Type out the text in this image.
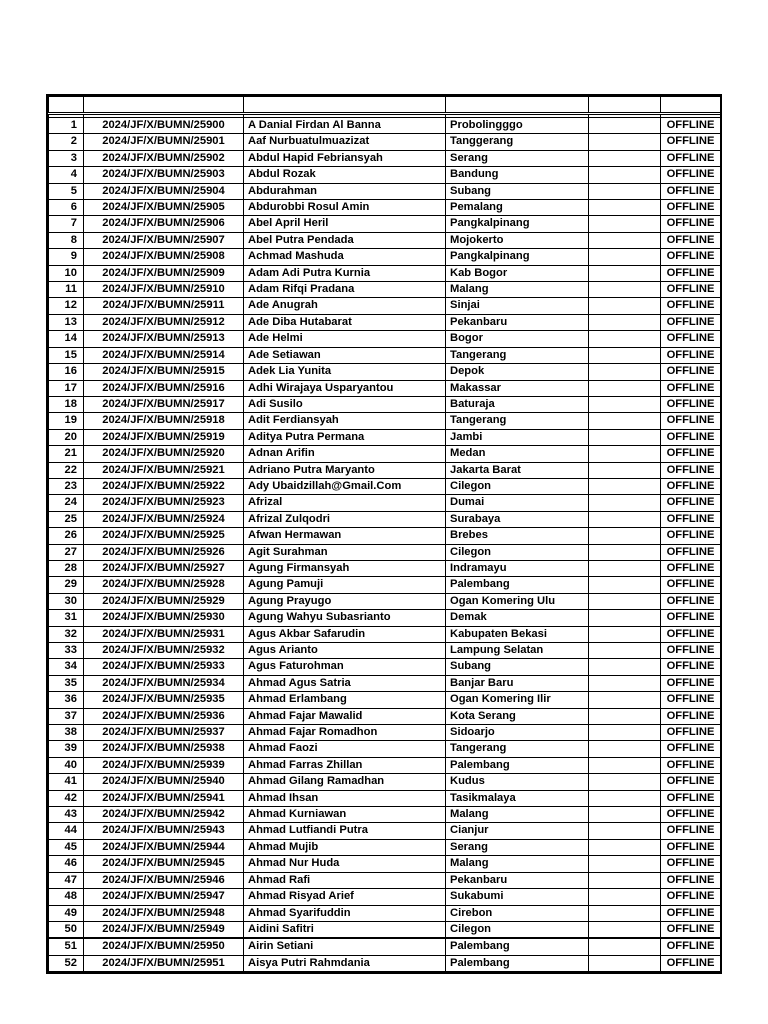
1	2024/JF/X/BUMN/25900	A Danial Firdan Al Banna	Probolingggo		OFFLINE
2	2024/JF/X/BUMN/25901	Aaf Nurbuatulmuazizat	Tanggerang		OFFLINE
3	2024/JF/X/BUMN/25902	Abdul Hapid Febriansyah	Serang		OFFLINE
4	2024/JF/X/BUMN/25903	Abdul Rozak	Bandung		OFFLINE
5	2024/JF/X/BUMN/25904	Abdurahman	Subang		OFFLINE
6	2024/JF/X/BUMN/25905	Abdurobbi Rosul Amin	Pemalang		OFFLINE
7	2024/JF/X/BUMN/25906	Abel April Heril	Pangkalpinang		OFFLINE
8	2024/JF/X/BUMN/25907	Abel Putra Pendada	Mojokerto		OFFLINE
9	2024/JF/X/BUMN/25908	Achmad Mashuda	Pangkalpinang		OFFLINE
10	2024/JF/X/BUMN/25909	Adam Adi Putra Kurnia	Kab Bogor		OFFLINE
11	2024/JF/X/BUMN/25910	Adam Rifqi Pradana	Malang		OFFLINE
12	2024/JF/X/BUMN/25911	Ade Anugrah	Sinjai		OFFLINE
13	2024/JF/X/BUMN/25912	Ade Diba Hutabarat	Pekanbaru		OFFLINE
14	2024/JF/X/BUMN/25913	Ade Helmi	Bogor		OFFLINE
15	2024/JF/X/BUMN/25914	Ade Setiawan	Tangerang		OFFLINE
16	2024/JF/X/BUMN/25915	Adek Lia Yunita	Depok		OFFLINE
17	2024/JF/X/BUMN/25916	Adhi Wirajaya Usparyantou	Makassar		OFFLINE
18	2024/JF/X/BUMN/25917	Adi Susilo	Baturaja		OFFLINE
19	2024/JF/X/BUMN/25918	Adit Ferdiansyah	Tangerang		OFFLINE
20	2024/JF/X/BUMN/25919	Aditya Putra Permana	Jambi		OFFLINE
21	2024/JF/X/BUMN/25920	Adnan Arifin	Medan		OFFLINE
22	2024/JF/X/BUMN/25921	Adriano Putra Maryanto	Jakarta Barat		OFFLINE
23	2024/JF/X/BUMN/25922	Ady Ubaidzillah@Gmail.Com	Cilegon		OFFLINE
24	2024/JF/X/BUMN/25923	Afrizal	Dumai		OFFLINE
25	2024/JF/X/BUMN/25924	Afrizal Zulqodri	Surabaya		OFFLINE
26	2024/JF/X/BUMN/25925	Afwan Hermawan	Brebes		OFFLINE
27	2024/JF/X/BUMN/25926	Agit Surahman	Cilegon		OFFLINE
28	2024/JF/X/BUMN/25927	Agung Firmansyah	Indramayu		OFFLINE
29	2024/JF/X/BUMN/25928	Agung Pamuji	Palembang		OFFLINE
30	2024/JF/X/BUMN/25929	Agung Prayugo	Ogan Komering Ulu		OFFLINE
31	2024/JF/X/BUMN/25930	Agung Wahyu Subasrianto	Demak		OFFLINE
32	2024/JF/X/BUMN/25931	Agus Akbar Safarudin	Kabupaten Bekasi		OFFLINE
33	2024/JF/X/BUMN/25932	Agus Arianto	Lampung Selatan		OFFLINE
34	2024/JF/X/BUMN/25933	Agus Faturohman	Subang		OFFLINE
35	2024/JF/X/BUMN/25934	Ahmad Agus Satria	Banjar Baru		OFFLINE
36	2024/JF/X/BUMN/25935	Ahmad Erlambang	Ogan Komering Ilir		OFFLINE
37	2024/JF/X/BUMN/25936	Ahmad Fajar Mawalid	Kota Serang		OFFLINE
38	2024/JF/X/BUMN/25937	Ahmad Fajar Romadhon	Sidoarjo		OFFLINE
39	2024/JF/X/BUMN/25938	Ahmad Faozi	Tangerang		OFFLINE
40	2024/JF/X/BUMN/25939	Ahmad Farras Zhillan	Palembang		OFFLINE
41	2024/JF/X/BUMN/25940	Ahmad Gilang Ramadhan	Kudus		OFFLINE
42	2024/JF/X/BUMN/25941	Ahmad Ihsan	Tasikmalaya		OFFLINE
43	2024/JF/X/BUMN/25942	Ahmad Kurniawan	Malang		OFFLINE
44	2024/JF/X/BUMN/25943	Ahmad Lutfiandi Putra	Cianjur		OFFLINE
45	2024/JF/X/BUMN/25944	Ahmad Mujib	Serang		OFFLINE
46	2024/JF/X/BUMN/25945	Ahmad Nur Huda	Malang		OFFLINE
47	2024/JF/X/BUMN/25946	Ahmad Rafi	Pekanbaru		OFFLINE
48	2024/JF/X/BUMN/25947	Ahmad Risyad Arief	Sukabumi		OFFLINE
49	2024/JF/X/BUMN/25948	Ahmad Syarifuddin	Cirebon		OFFLINE
50	2024/JF/X/BUMN/25949	Aidini Safitri	Cilegon		OFFLINE
51	2024/JF/X/BUMN/25950	Airin Setiani	Palembang		OFFLINE
52	2024/JF/X/BUMN/25951	Aisya Putri Rahmdania	Palembang		OFFLINE
